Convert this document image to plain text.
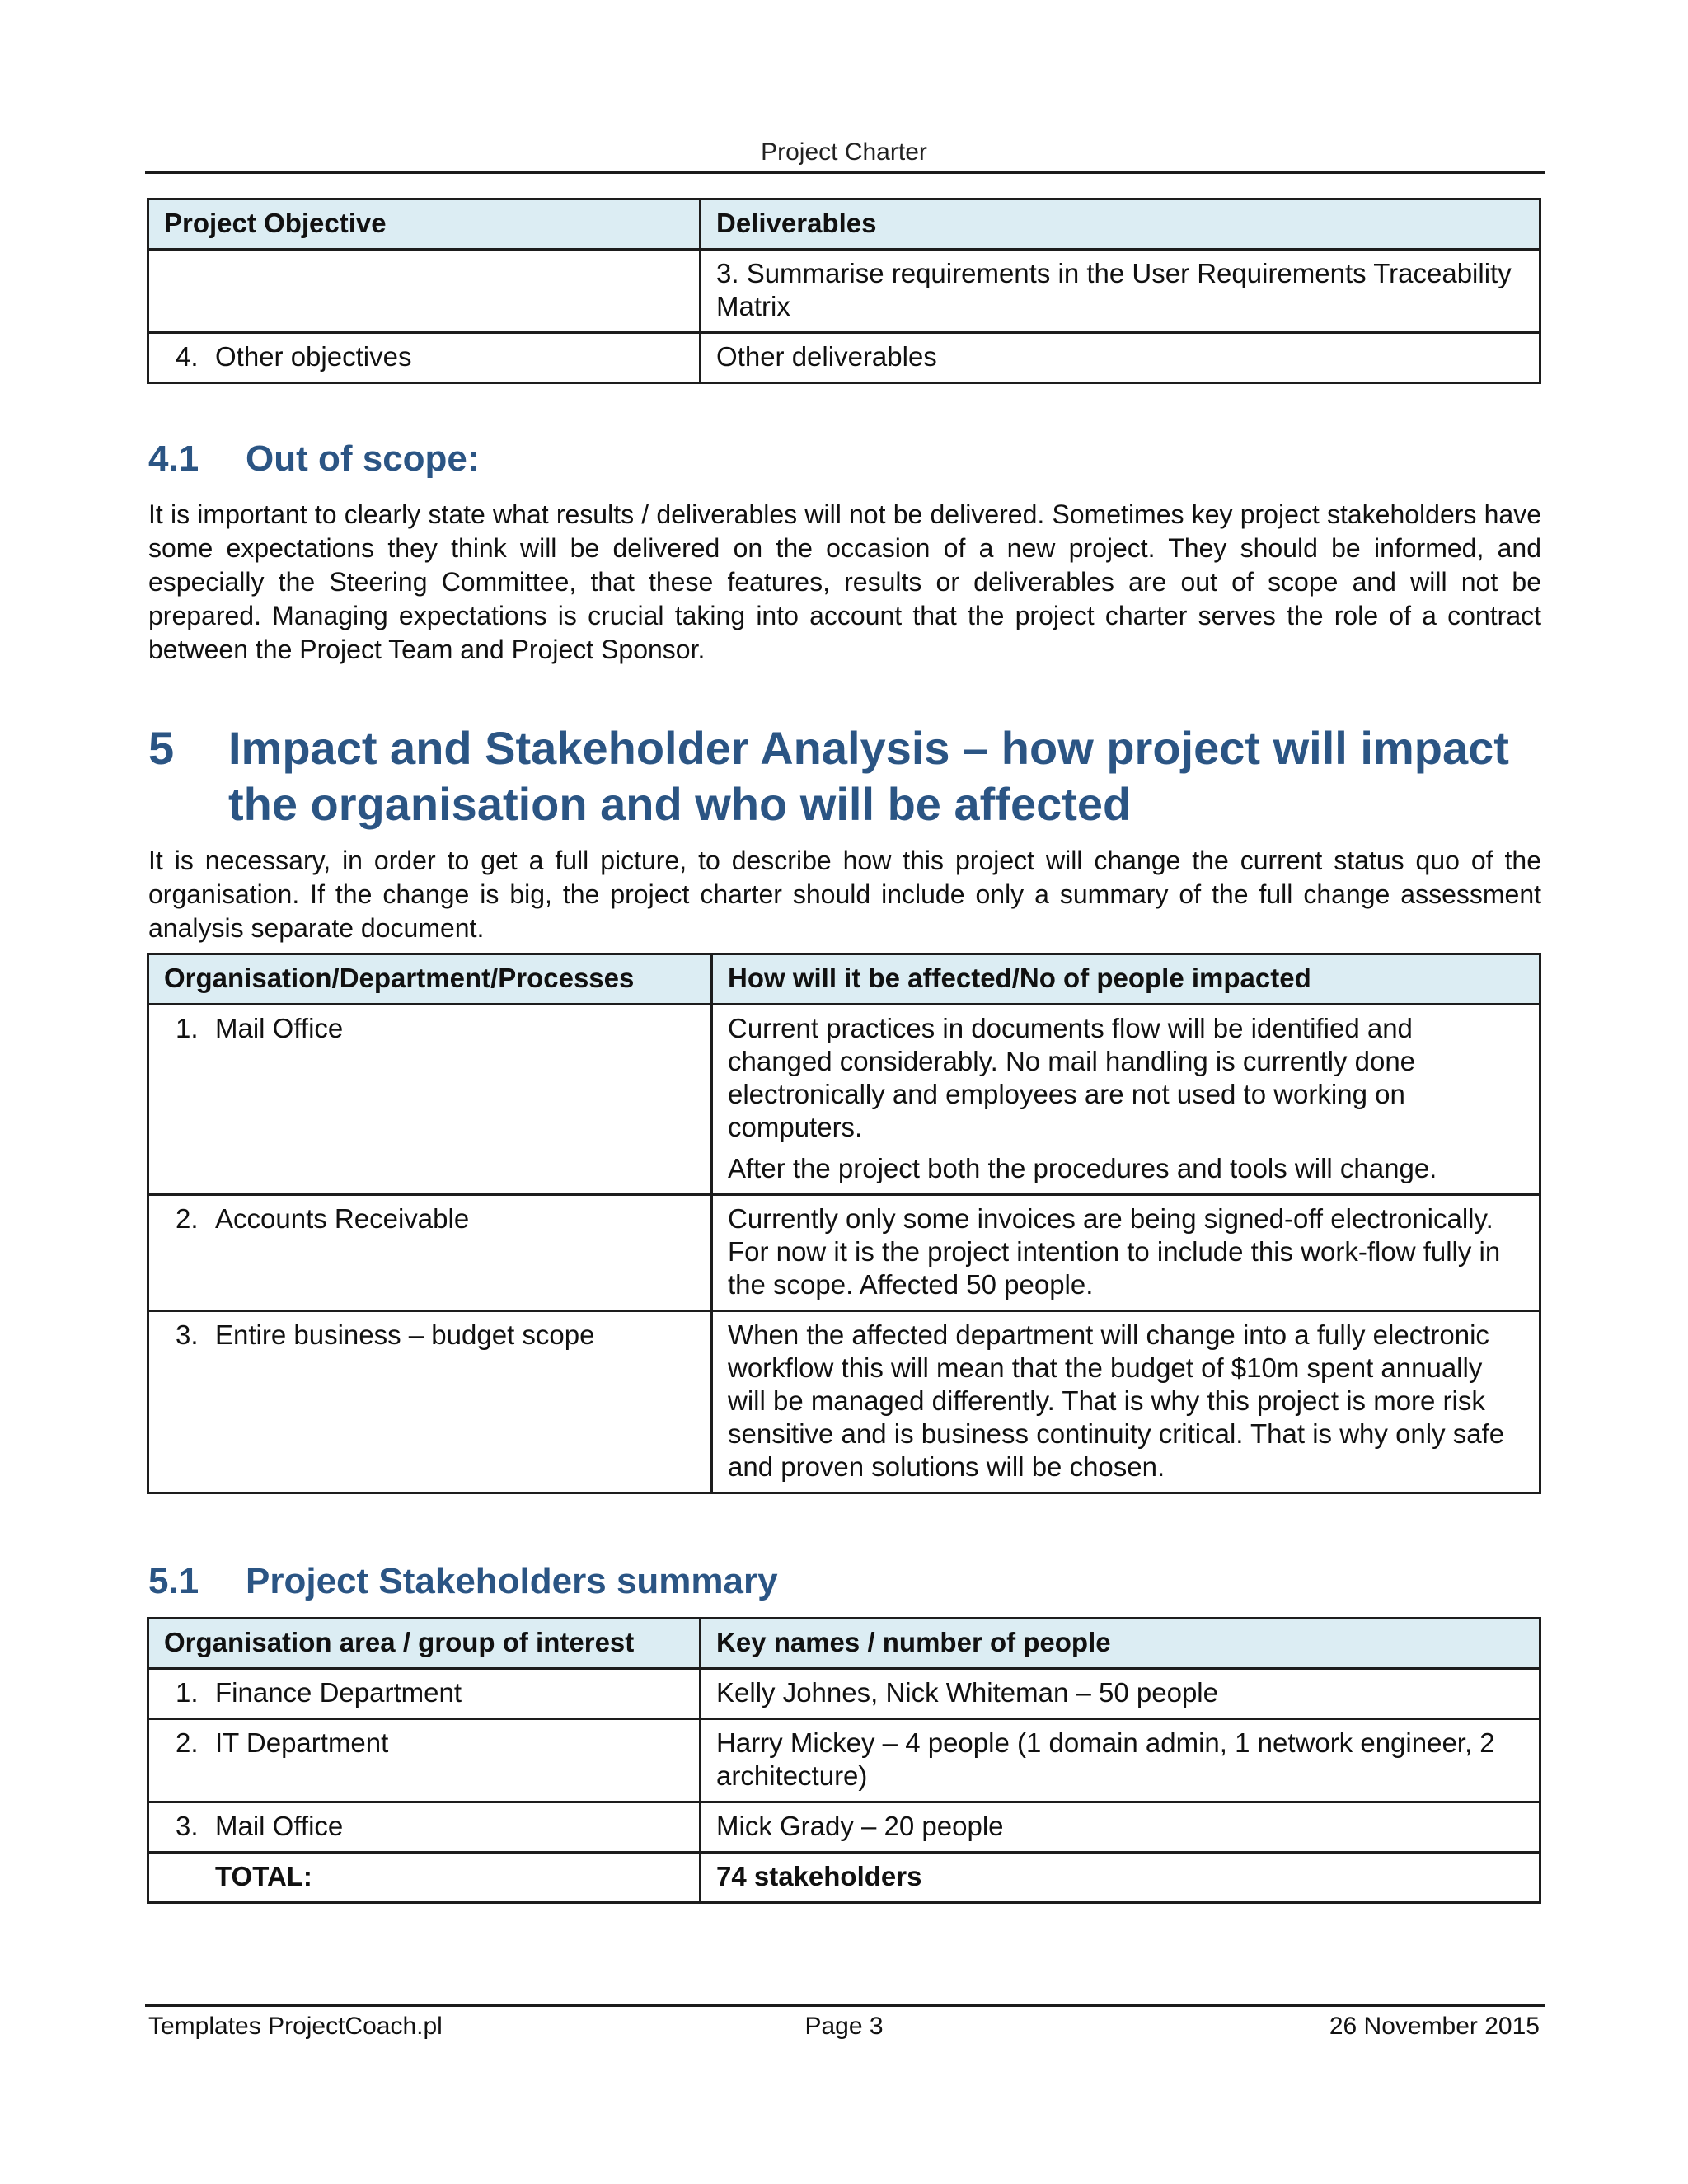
Project Charter
Project Objective	Deliverables
	3. Summarise requirements in the User Requirements Traceability Matrix
4. Other objectives	Other deliverables
4.1 Out of scope:
It is important to clearly state what results / deliverables will not be delivered. Sometimes key project stakeholders have some expectations they think will be delivered on the occasion of a new project. They should be informed, and especially the Steering Committee, that these features, results or deliverables are out of scope and will not be prepared. Managing expectations is crucial taking into account that the project charter serves the role of a contract between the Project Team and Project Sponsor.
5	Impact and Stakeholder Analysis – how project will impact the organisation and who will be affected
It is necessary, in order to get a full picture, to describe how this project will change the current status quo of the organisation. If the change is big, the project charter should include only a summary of the full change assessment analysis separate document.
Organisation/Department/Processes	How will it be affected/No of people impacted
1. Mail Office	Current practices in documents flow will be identified and changed considerably. No mail handling is currently done electronically and employees are not used to working on computers.

After the project both the procedures and tools will change.

2. Accounts Receivable	Currently only some invoices are being signed-off electronically. For now it is the project intention to include this work-flow fully in the scope. Affected 50 people.

3. Entire business – budget scope	When the affected department will change into a fully electronic workflow this will mean that the budget of $10m spent annually will be managed differently. That is why this project is more risk sensitive and is business continuity critical. That is why only safe and proven solutions will be chosen.

5.1 Project Stakeholders summary
Organisation area / group of interest	Key names / number of people
1. Finance Department	Kelly Johnes, Nick Whiteman – 50 people
2. IT Department	Harry Mickey – 4 people (1 domain admin, 1 network engineer, 2 architecture)
3. Mail Office	Mick Grady – 20 people
TOTAL:	74 stakeholders
Templates ProjectCoach.pl	Page 3	26 November 2015
